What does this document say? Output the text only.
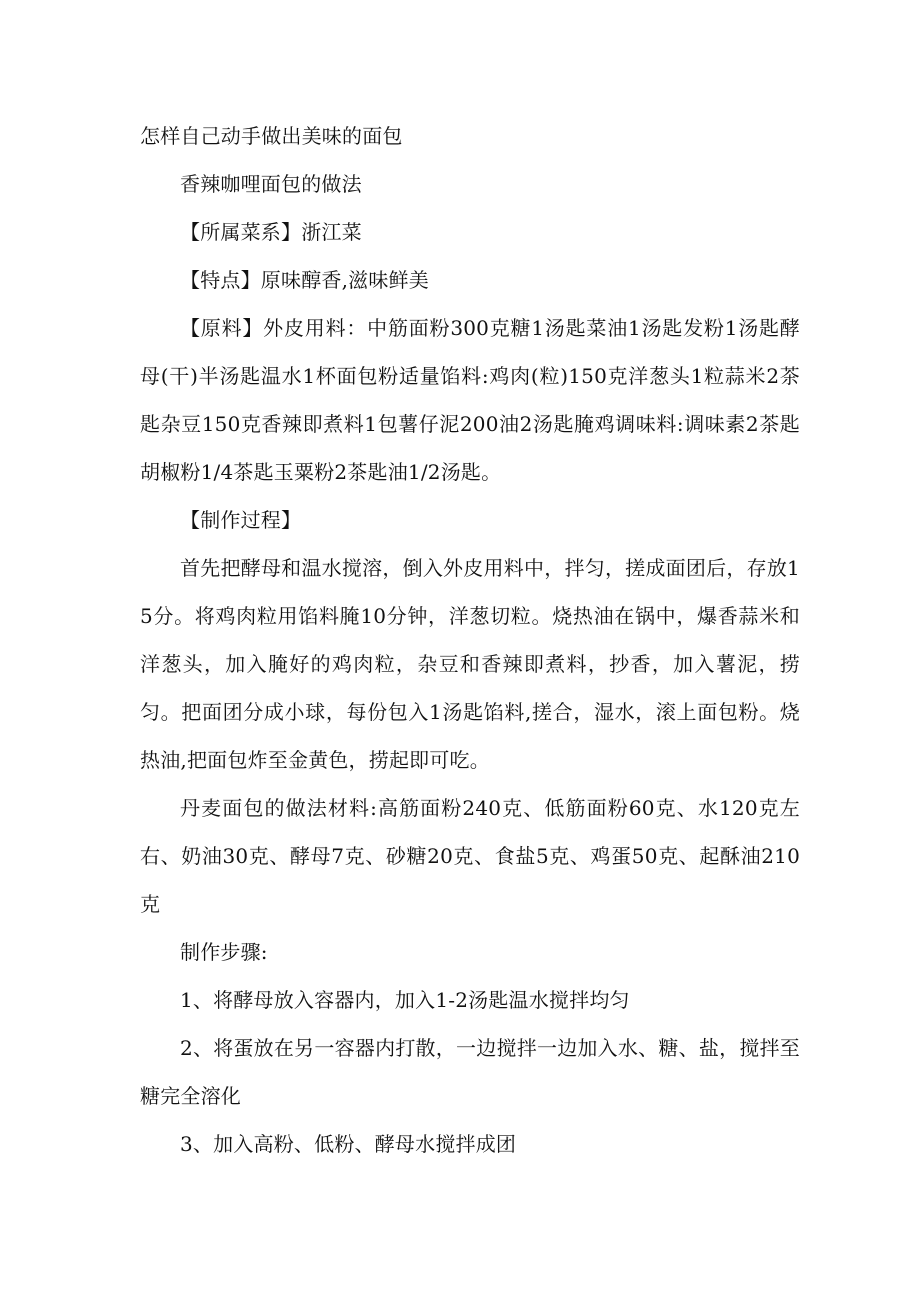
怎样自己动手做出美味的面包

香辣咖哩面包的做法

【所属菜系】浙江菜

【特点】原味醇香,滋味鲜美

【原料】外皮用料：中筋面粉300克糖1汤匙菜油1汤匙发粉1汤匙酵母(干)半汤匙温水1杯面包粉适量馅料:鸡肉(粒)150克洋葱头1粒蒜米2茶匙杂豆150克香辣即煮料1包薯仔泥200油2汤匙腌鸡调味料:调味素2茶匙胡椒粉1/4茶匙玉粟粉2茶匙油1/2汤匙。

【制作过程】

首先把酵母和温水搅溶，倒入外皮用料中，拌匀，搓成面团后，存放15分。将鸡肉粒用馅料腌10分钟，洋葱切粒。烧热油在锅中，爆香蒜米和洋葱头，加入腌好的鸡肉粒，杂豆和香辣即煮料，抄香，加入薯泥，捞匀。把面团分成小球，每份包入1汤匙馅料,搓合，湿水，滚上面包粉。烧热油,把面包炸至金黄色，捞起即可吃。

丹麦面包的做法材料:高筋面粉240克、低筋面粉60克、水120克左右、奶油30克、酵母7克、砂糖20克、食盐5克、鸡蛋50克、起酥油210克

制作步骤:

1、将酵母放入容器内，加入1-2汤匙温水搅拌均匀

2、将蛋放在另一容器内打散，一边搅拌一边加入水、糖、盐，搅拌至糖完全溶化

3、加入高粉、低粉、酵母水搅拌成团
